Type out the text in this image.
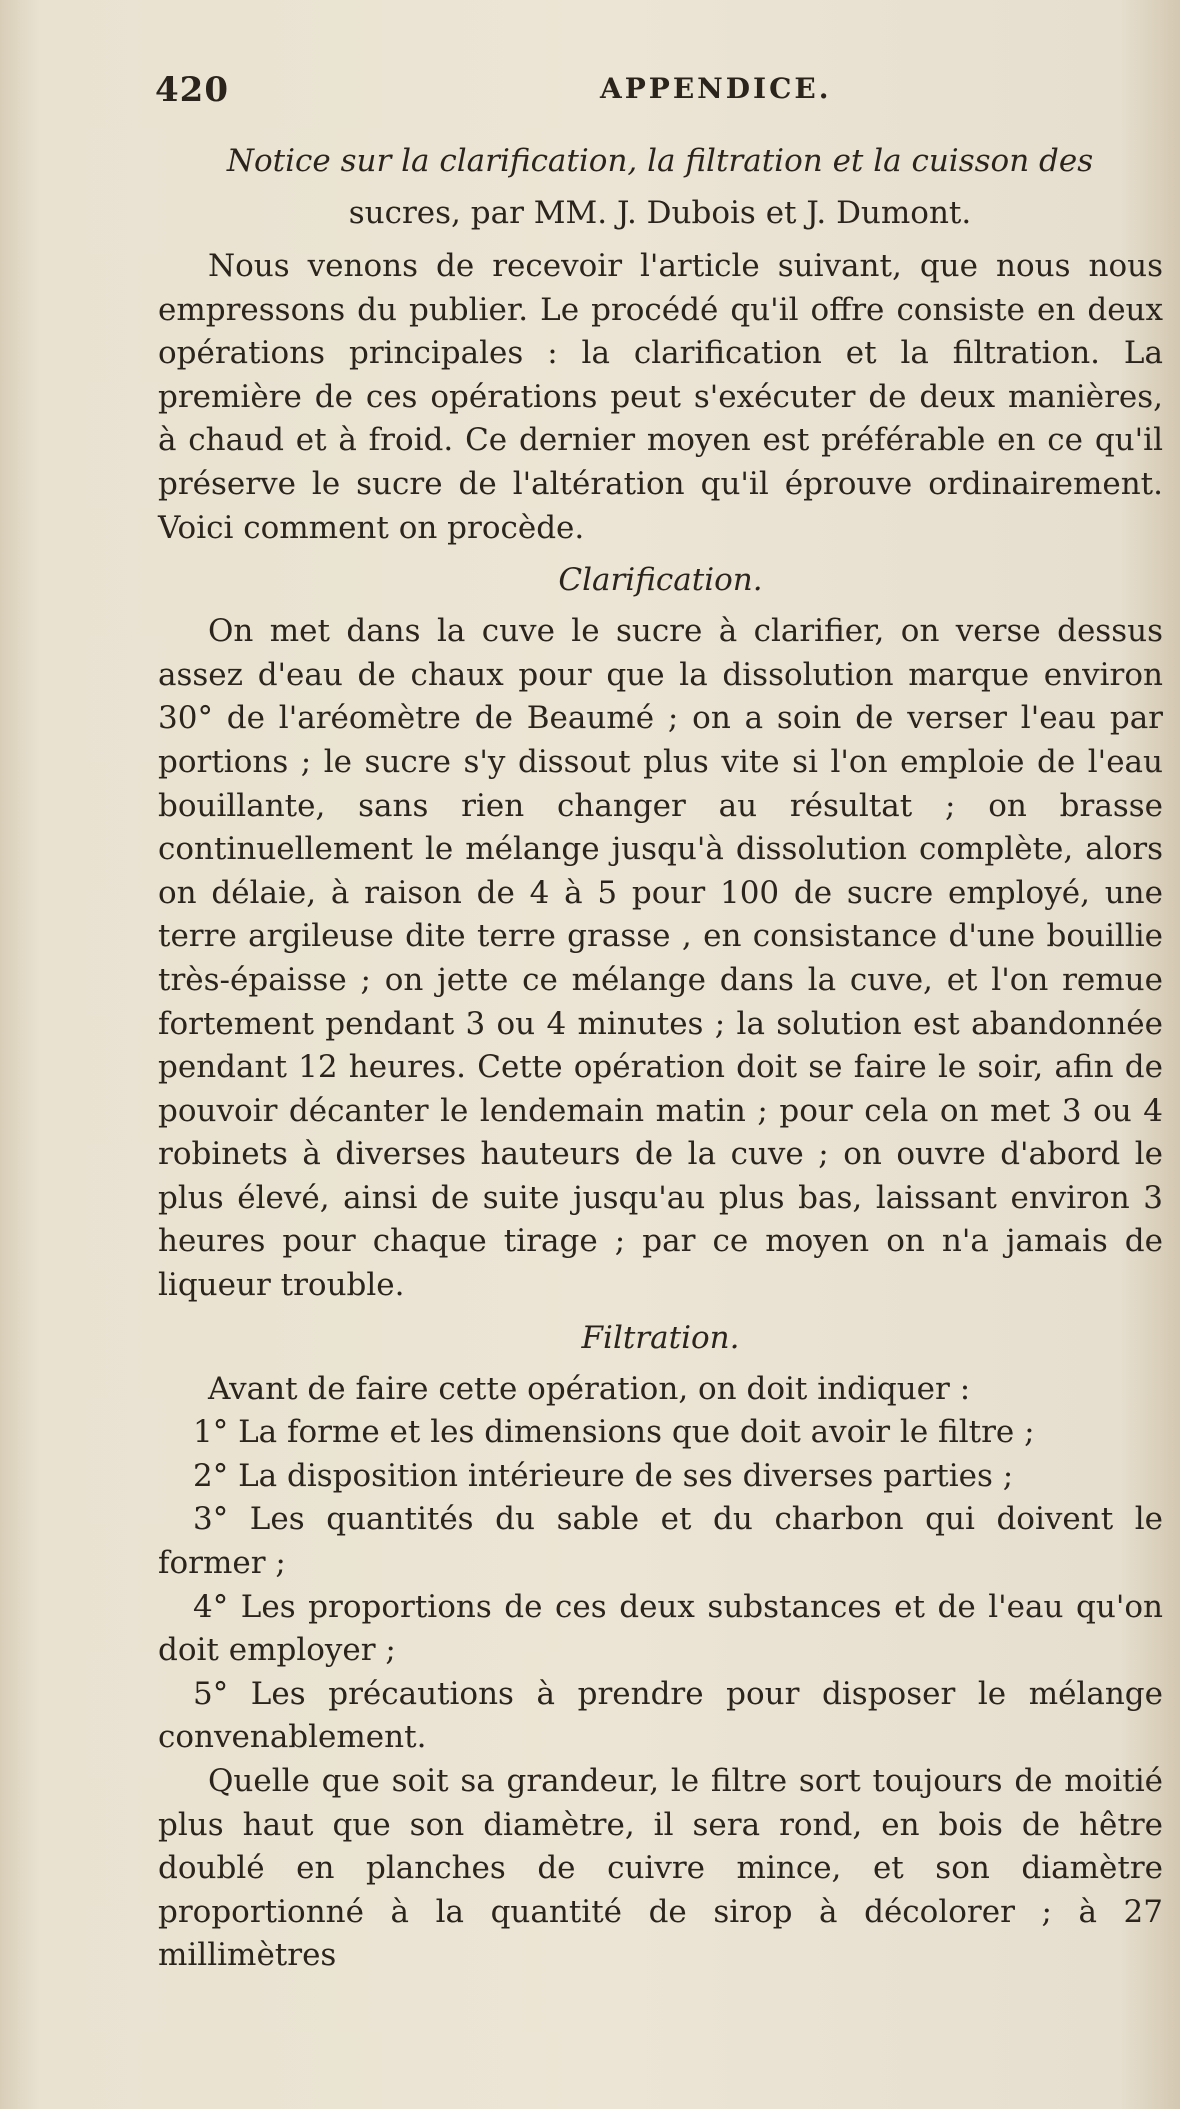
420	APPENDICE.
Notice sur la clarification, la filtration et la cuisson des
sucres, par MM. J. Dubois et J. Dumont.

Nous venons de recevoir l'article suivant, que nous nous empressons du publier. Le procédé qu'il offre consiste en deux opérations principales : la clarification et la filtration. La première de ces opérations peut s'exécuter de deux manières, à chaud et à froid. Ce dernier moyen est préférable en ce qu'il préserve le sucre de l'altération qu'il éprouve ordinairement. Voici comment on procède.

Clarification.

On met dans la cuve le sucre à clarifier, on verse dessus assez d'eau de chaux pour que la dissolution marque environ 30° de l'aréomètre de Beaumé ; on a soin de verser l'eau par portions ; le sucre s'y dissout plus vite si l'on emploie de l'eau bouillante, sans rien changer au résultat ; on brasse continuellement le mélange jusqu'à dissolution complète, alors on délaie, à raison de 4 à 5 pour 100 de sucre employé, une terre argileuse dite terre grasse , en consistance d'une bouillie très-épaisse ; on jette ce mélange dans la cuve, et l'on remue fortement pendant 3 ou 4 minutes ; la solution est abandonnée pendant 12 heures. Cette opération doit se faire le soir, afin de pouvoir décanter le lendemain matin ; pour cela on met 3 ou 4 robinets à diverses hauteurs de la cuve ; on ouvre d'abord le plus élevé, ainsi de suite jusqu'au plus bas, laissant environ 3 heures pour chaque tirage ; par ce moyen on n'a jamais de liqueur trouble.

Filtration.

Avant de faire cette opération, on doit indiquer :

1° La forme et les dimensions que doit avoir le filtre ;

2° La disposition intérieure de ses diverses parties ;

3° Les quantités du sable et du charbon qui doivent le former ;

4° Les proportions de ces deux substances et de l'eau qu'on doit employer ;

5° Les précautions à prendre pour disposer le mélange convenablement.

Quelle que soit sa grandeur, le filtre sort toujours de moitié plus haut que son diamètre, il sera rond, en bois de hêtre doublé en planches de cuivre mince, et son diamètre proportionné à la quantité de sirop à décolorer ; à 27 millimètres
